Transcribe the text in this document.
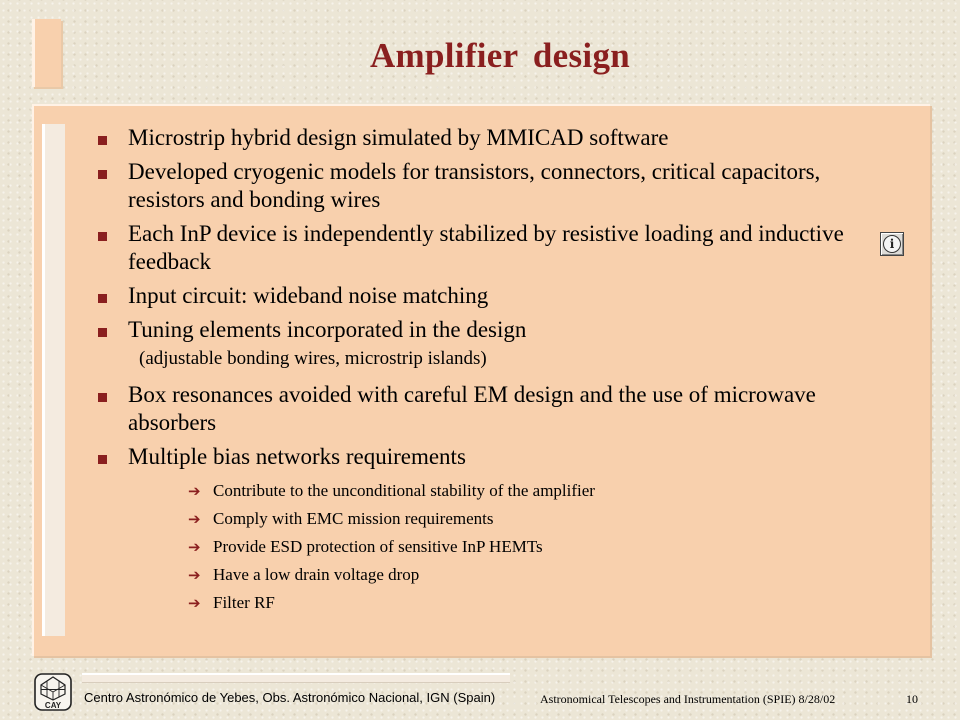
Amplifier design
Microstrip hybrid design simulated by MMICAD software
Developed cryogenic models for transistors, connectors, critical capacitors, resistors and bonding wires
Each InP device is independently stabilized by resistive loading and inductive feedback
Input circuit: wideband noise matching
Tuning elements incorporated in the design
(adjustable bonding wires, microstrip islands)
Box resonances avoided with careful EM design and the use of microwave absorbers
Multiple bias networks requirements
➔ Contribute to the unconditional stability of the amplifier
➔ Comply with EMC mission requirements
➔ Provide ESD protection of sensitive InP HEMTs
➔ Have a low drain voltage drop
➔ Filter RF
i
CAY
Centro Astronómico de Yebes, Obs. Astronómico Nacional, IGN (Spain)	Astronomical Telescopes and Instrumentation (SPIE) 8/28/02	10
